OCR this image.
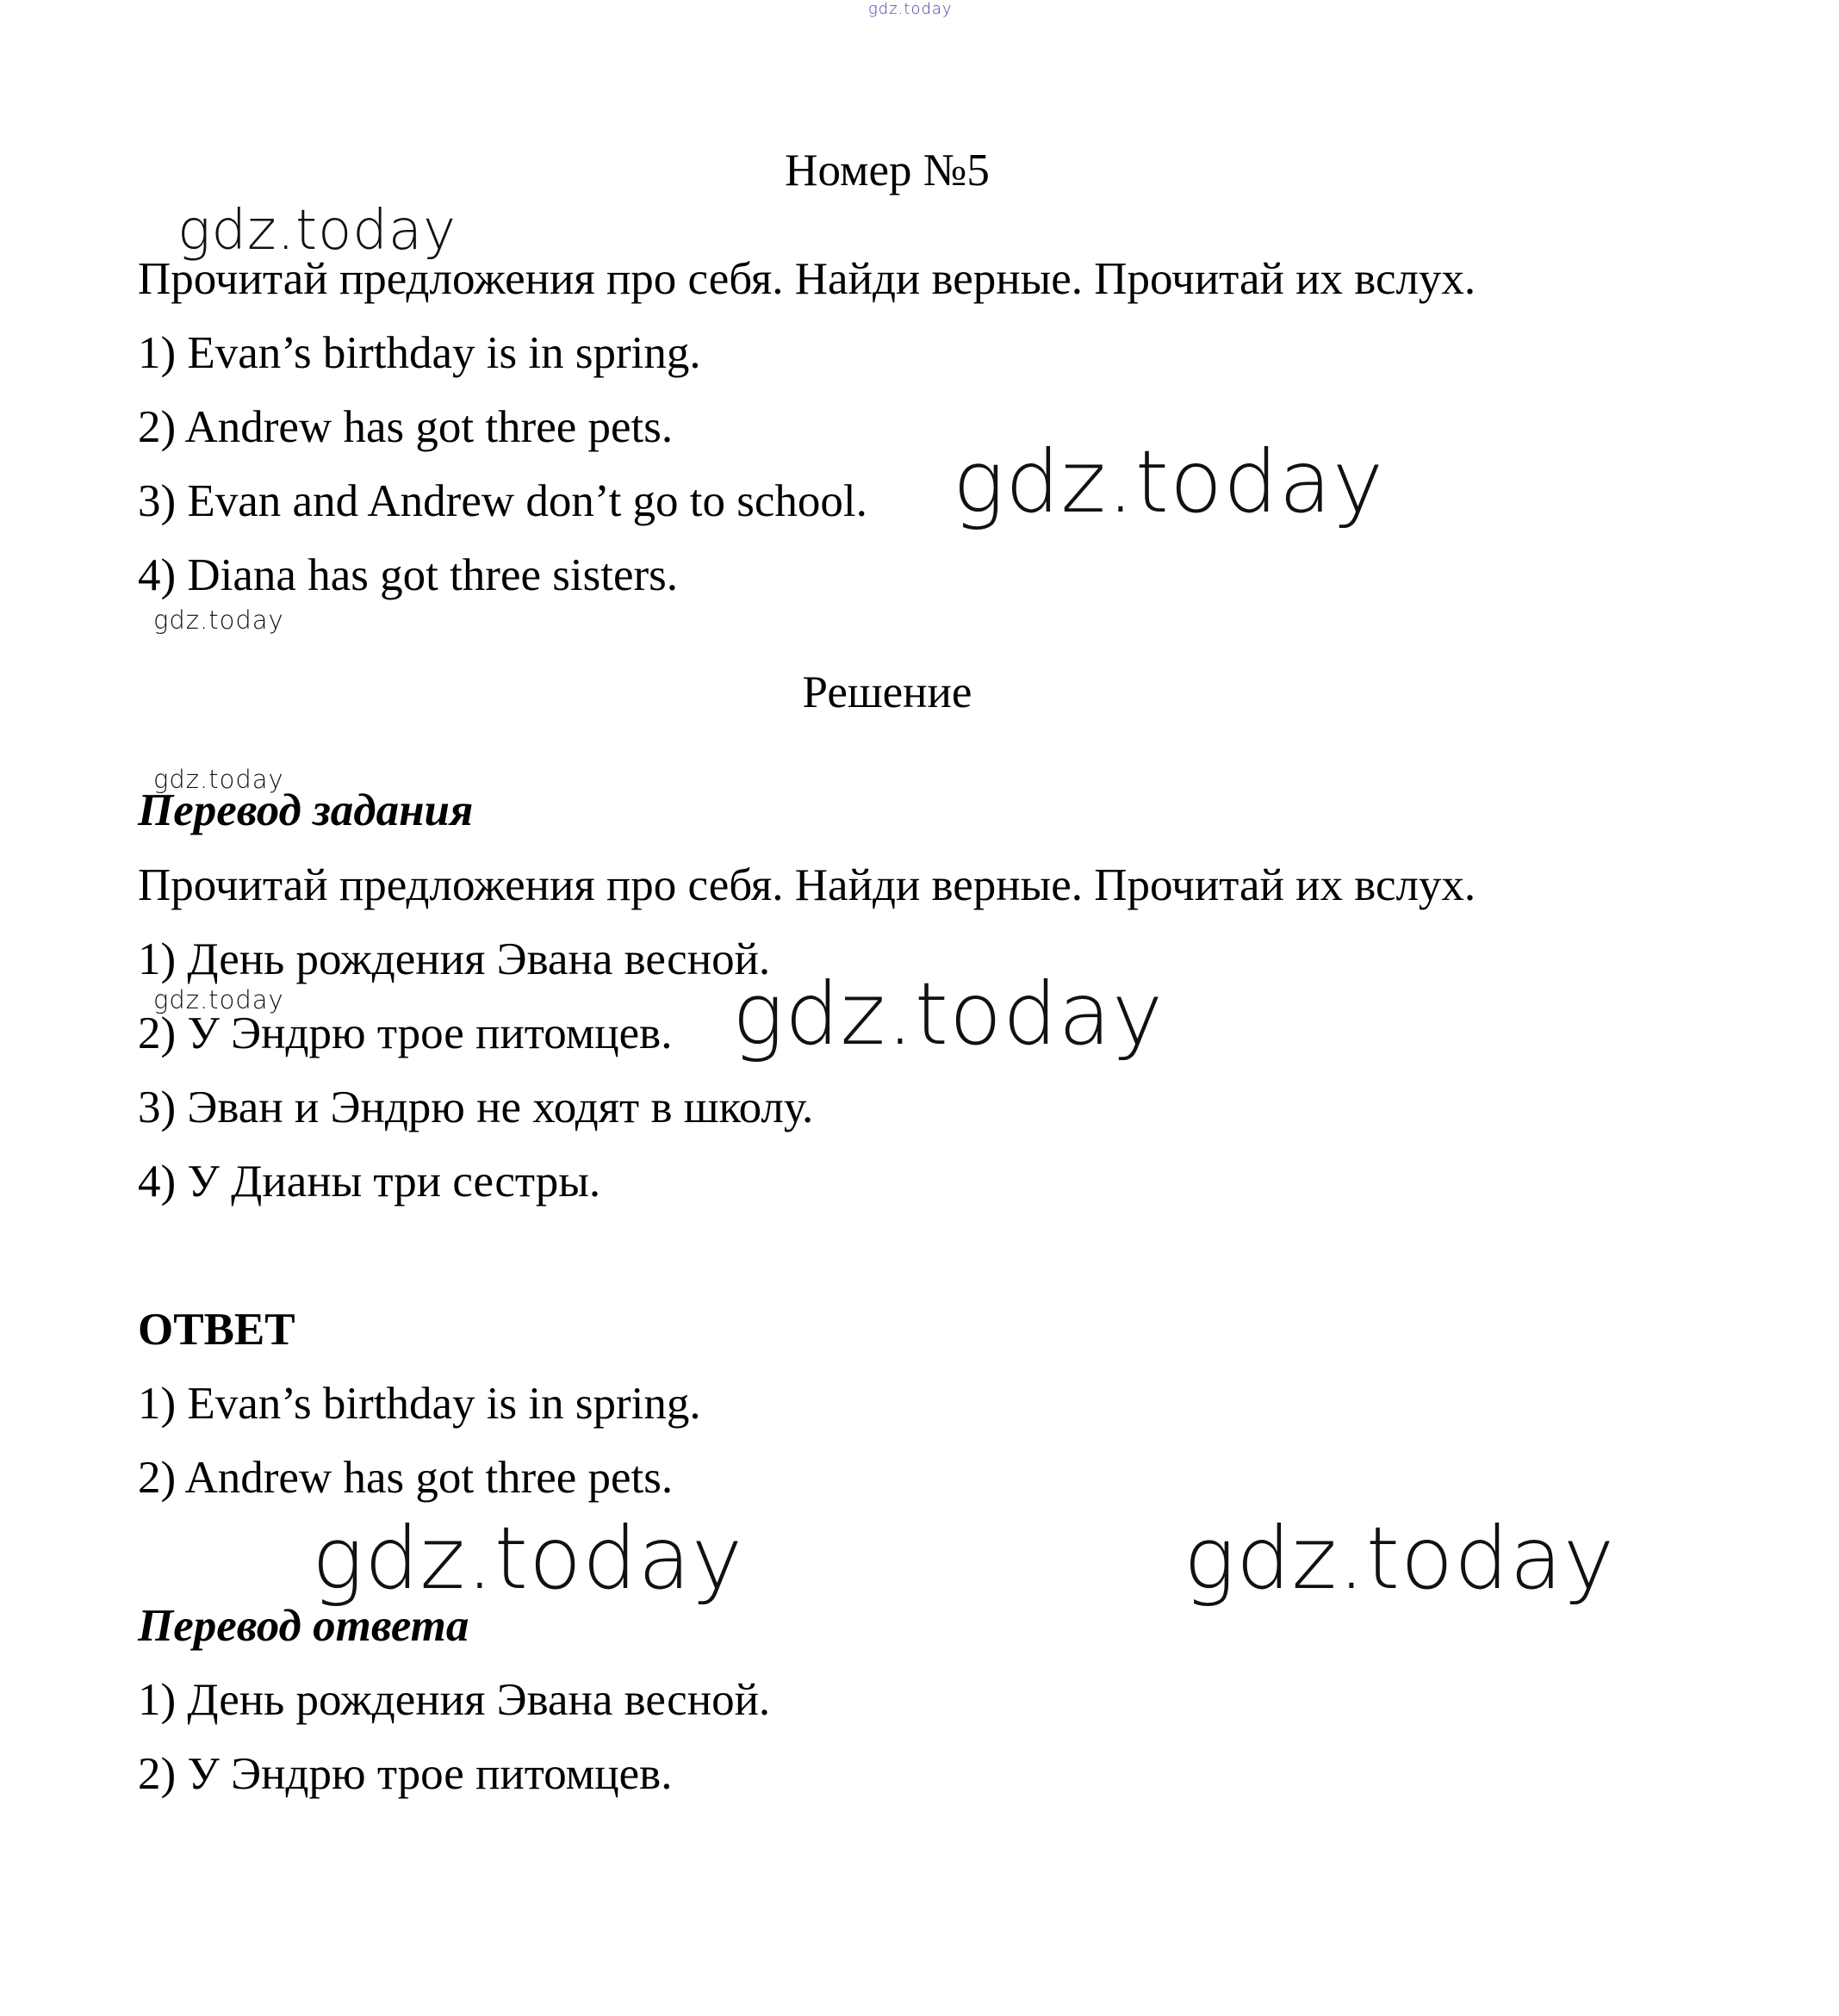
gdz.today
gdz.today
gdz.today
gdz.today
gdz.today
gdz.today	gdz.today
gdz.today	gdz.today
Номер №5
Прочитай предложения про себя. Найди верные. Прочитай их вслух.
1) Evan’s birthday is in spring.
2) Andrew has got three pets.
3) Evan and Andrew don’t go to school.
4) Diana has got three sisters.
Решение
Перевод задания
Прочитай предложения про себя. Найди верные. Прочитай их вслух.
1) День рождения Эвана весной.
2) У Эндрю трое питомцев.
3) Эван и Эндрю не ходят в школу.
4) У Дианы три сестры.
ОТВЕТ
1) Evan’s birthday is in spring.
2) Andrew has got three pets.
Перевод ответа
1) День рождения Эвана весной.
2) У Эндрю трое питомцев.
